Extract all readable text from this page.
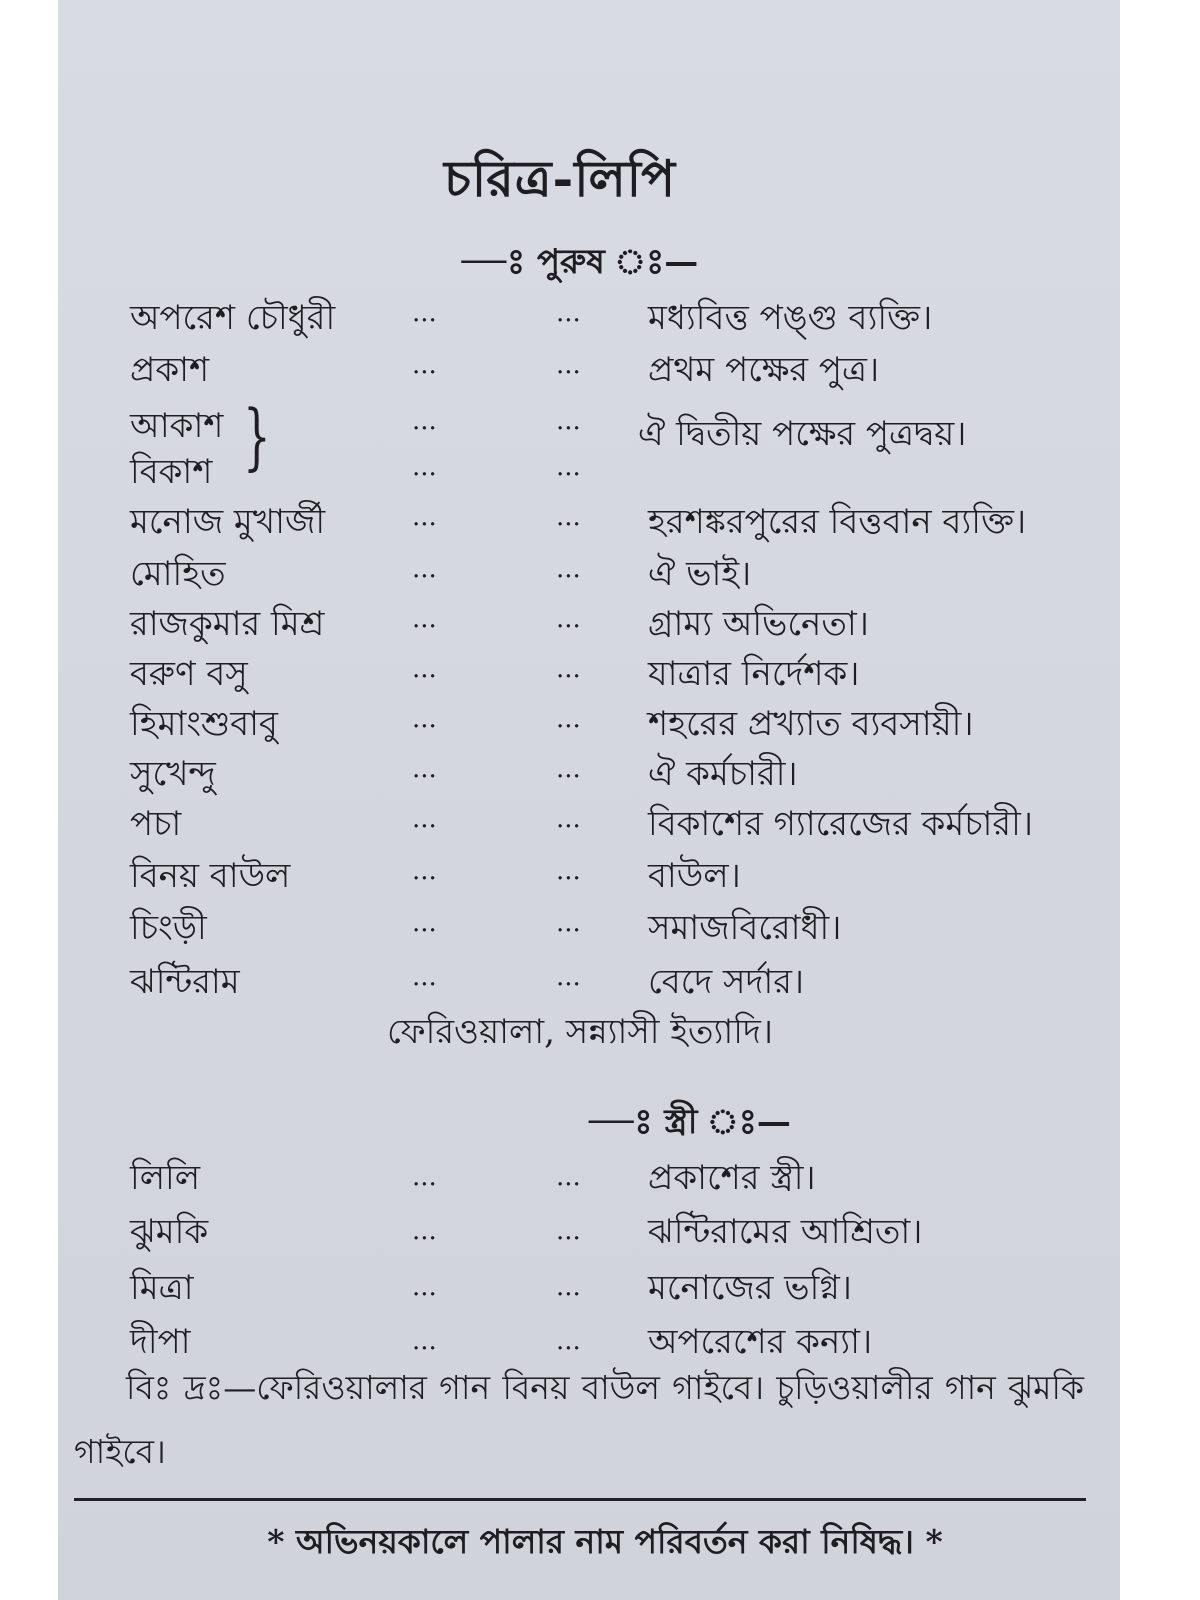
চরিত্র-লিপি
—ঃ পুরুষ ঃ—
অপরেশ চৌধুরী	...	... মধ্যবিত্ত পঙ্গু ব্যক্তি।
প্রকাশ	...	... প্রথম পক্ষের পুত্র।
আকাশ	...	... ঐ দ্বিতীয় পক্ষের পুত্রদ্বয়।
বিকাশ	...	...
মনোজ মুখার্জী	...	... হরশঙ্করপুরের বিত্তবান ব্যক্তি।
মোহিত	...	... ঐ ভাই।
রাজকুমার মিশ্র	...	... গ্রাম্য অভিনেতা।
বরুণ বসু	...	... যাত্রার নির্দেশক।
হিমাংশুবাবু	...	... শহরের প্রখ্যাত ব্যবসায়ী।
সুখেন্দু	...	... ঐ কর্মচারী।
পচা	...	... বিকাশের গ্যারেজের কর্মচারী।
বিনয় বাউল	...	... বাউল।
চিংড়ী	...	... সমাজবিরোধী।
ঝন্টিরাম	...	... বেদে সর্দার।
}
ফেরিওয়ালা, সন্ন্যাসী ইত্যাদি।
—ঃ স্ত্রী ঃ—
লিলি	...	... প্রকাশের স্ত্রী।
ঝুমকি	...	... ঝন্টিরামের আশ্রিতা।
মিত্রা	...	... মনোজের ভগ্নি।
দীপা	...	... অপরেশের কন্যা।
বিঃ দ্রঃ—ফেরিওয়ালার গান বিনয় বাউল গাইবে। চুড়িওয়ালীর গান ঝুমকি গাইবে।
* অভিনয়কালে পালার নাম পরিবর্তন করা নিষিদ্ধ। *
